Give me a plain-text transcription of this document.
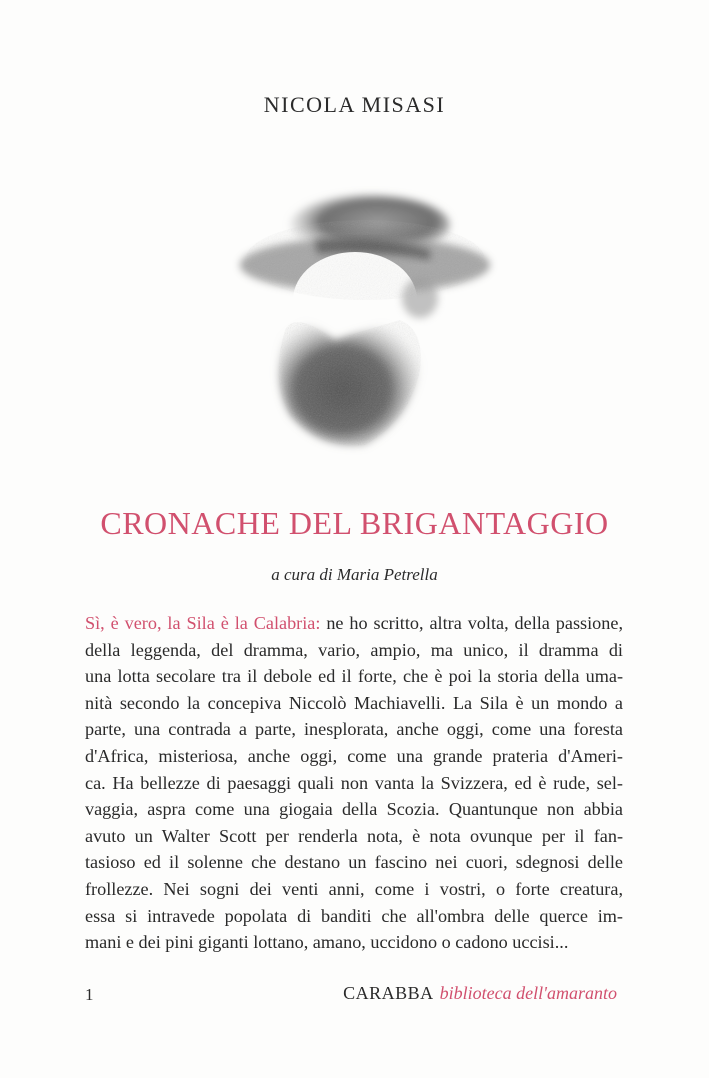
NICOLA MISASI
CRONACHE DEL BRIGANTAGGIO
a cura di Maria Petrella
Sì, è vero, la Sila è la Calabria: ne ho scritto, altra volta, della passione,
della leggenda, del dramma, vario, ampio, ma unico, il dramma di
una lotta secolare tra il debole ed il forte, che è poi la storia della uma-
nità secondo la concepiva Niccolò Machiavelli. La Sila è un mondo a
parte, una contrada a parte, inesplorata, anche oggi, come una foresta
d'Africa, misteriosa, anche oggi, come una grande prateria d'Ameri-
ca. Ha bellezze di paesaggi quali non vanta la Svizzera, ed è rude, sel-
vaggia, aspra come una giogaia della Scozia. Quantunque non abbia
avuto un Walter Scott per renderla nota, è nota ovunque per il fan-
tasioso ed il solenne che destano un fascino nei cuori, sdegnosi delle
frollezze. Nei sogni dei venti anni, come i vostri, o forte creatura,
essa si intravede popolata di banditi che all'ombra delle querce im-
mani e dei pini giganti lottano, amano, uccidono o cadono uccisi...
1	CARABBA biblioteca dell'amaranto
